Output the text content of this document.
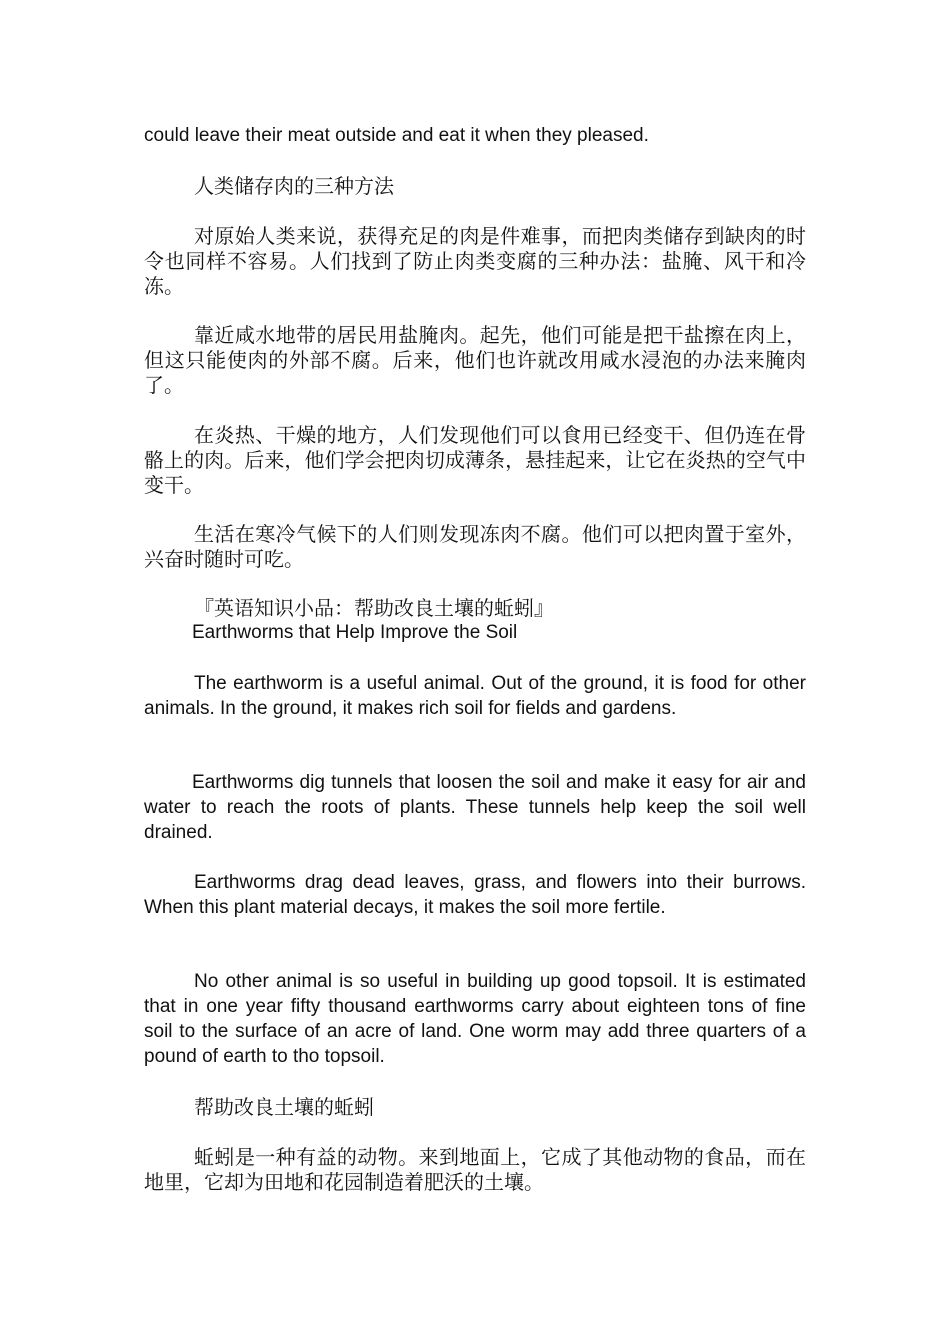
could leave their meat outside and eat it when they pleased.

人类储存肉的三种方法

对原始人类来说，获得充足的肉是件难事，而把肉类储存到缺肉的时令也同样不容易。人们找到了防止肉类变腐的三种办法：盐腌、风干和冷冻。

靠近咸水地带的居民用盐腌肉。起先，他们可能是把干盐擦在肉上，但这只能使肉的外部不腐。后来，他们也许就改用咸水浸泡的办法来腌肉了。

在炎热、干燥的地方，人们发现他们可以食用已经变干、但仍连在骨骼上的肉。后来，他们学会把肉切成薄条，悬挂起来，让它在炎热的空气中变干。

生活在寒冷气候下的人们则发现冻肉不腐。他们可以把肉置于室外，兴奋时随时可吃。

『英语知识小品：帮助改良土壤的蚯蚓』

Earthworms that Help Improve the Soil

The earthworm is a useful animal. Out of the ground, it is food for other animals. In the ground, it makes rich soil for fields and gardens.

Earthworms dig tunnels that loosen the soil and make it easy for air and water to reach the roots of plants. These tunnels help keep the soil well drained.

Earthworms drag dead leaves, grass, and flowers into their burrows. When this plant material decays, it makes the soil more fertile.

No other animal is so useful in building up good topsoil. It is estimated that in one year fifty thousand earthworms carry about eighteen tons of fine soil to the surface of an acre of land. One worm may add three quarters of a pound of earth to tho topsoil.

帮助改良土壤的蚯蚓

蚯蚓是一种有益的动物。来到地面上，它成了其他动物的食品，而在地里，它却为田地和花园制造着肥沃的土壤。
